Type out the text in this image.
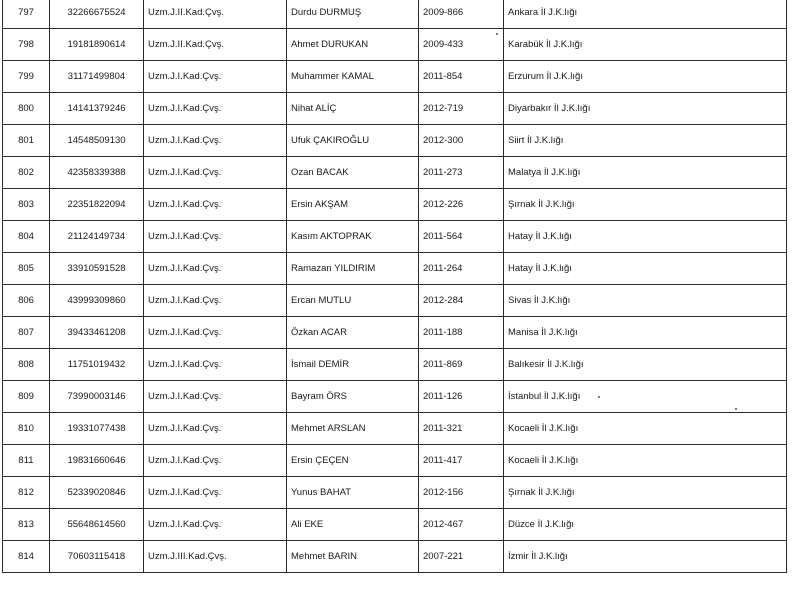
797	32266675524	Uzm.J.II.Kad.Çvş.	Durdu DURMUŞ	2009-866	Ankara İl J.K.lığı
798	19181890614	Uzm.J.II.Kad.Çvş.	Ahmet DURUKAN	2009-433	Karabük İl J.K.lığı
799	31171499804	Uzm.J.I.Kad.Çvş.	Muhammer KAMAL	2011-854	Erzurum İl J.K.lığı
800	14141379246	Uzm.J.I.Kad.Çvş.	Nihat ALİÇ	2012-719	Diyarbakır İl J.K.lığı
801	14548509130	Uzm.J.I.Kad.Çvş.	Ufuk ÇAKIROĞLU	2012-300	Siirt İl J.K.lığı
802	42358339388	Uzm.J.I.Kad.Çvş.	Ozan BACAK	2011-273	Malatya İl J.K.lığı
803	22351822094	Uzm.J.I.Kad.Çvş.	Ersin AKŞAM	2012-226	Şırnak İl J.K.lığı
804	21124149734	Uzm.J.I.Kad.Çvş.	Kasım AKTOPRAK	2011-564	Hatay İl J.K.lığı
805	33910591528	Uzm.J.I.Kad.Çvş.	Ramazan YILDIRIM	2011-264	Hatay İl J.K.lığı
806	43999309860	Uzm.J.I.Kad.Çvş.	Ercan MUTLU	2012-284	Sivas İl J.K.lığı
807	39433461208	Uzm.J.I.Kad.Çvş.	Özkan ACAR	2011-188	Manisa İl J.K.lığı
808	11751019432	Uzm.J.I.Kad.Çvş.	İsmail DEMİR	2011-869	Balıkesir İl J.K.lığı
809	73990003146	Uzm.J.I.Kad.Çvş.	Bayram ÖRS	2011-126	İstanbul İl J.K.lığı
810	19331077438	Uzm.J.I.Kad.Çvş.	Mehmet ARSLAN	2011-321	Kocaeli İl J.K.lığı
811	19831660646	Uzm.J.I.Kad.Çvş.	Ersin ÇEÇEN	2011-417	Kocaeli İl J.K.lığı
812	52339020846	Uzm.J.I.Kad.Çvş.	Yunus BAHAT	2012-156	Şırnak İl J.K.lığı
813	55648614560	Uzm.J.I.Kad.Çvş.	Ali EKE	2012-467	Düzce İl J.K.lığı
814	70603115418	Uzm.J.III.Kad.Çvş.	Mehmet BARIN	2007-221	İzmir İl J.K.lığı
